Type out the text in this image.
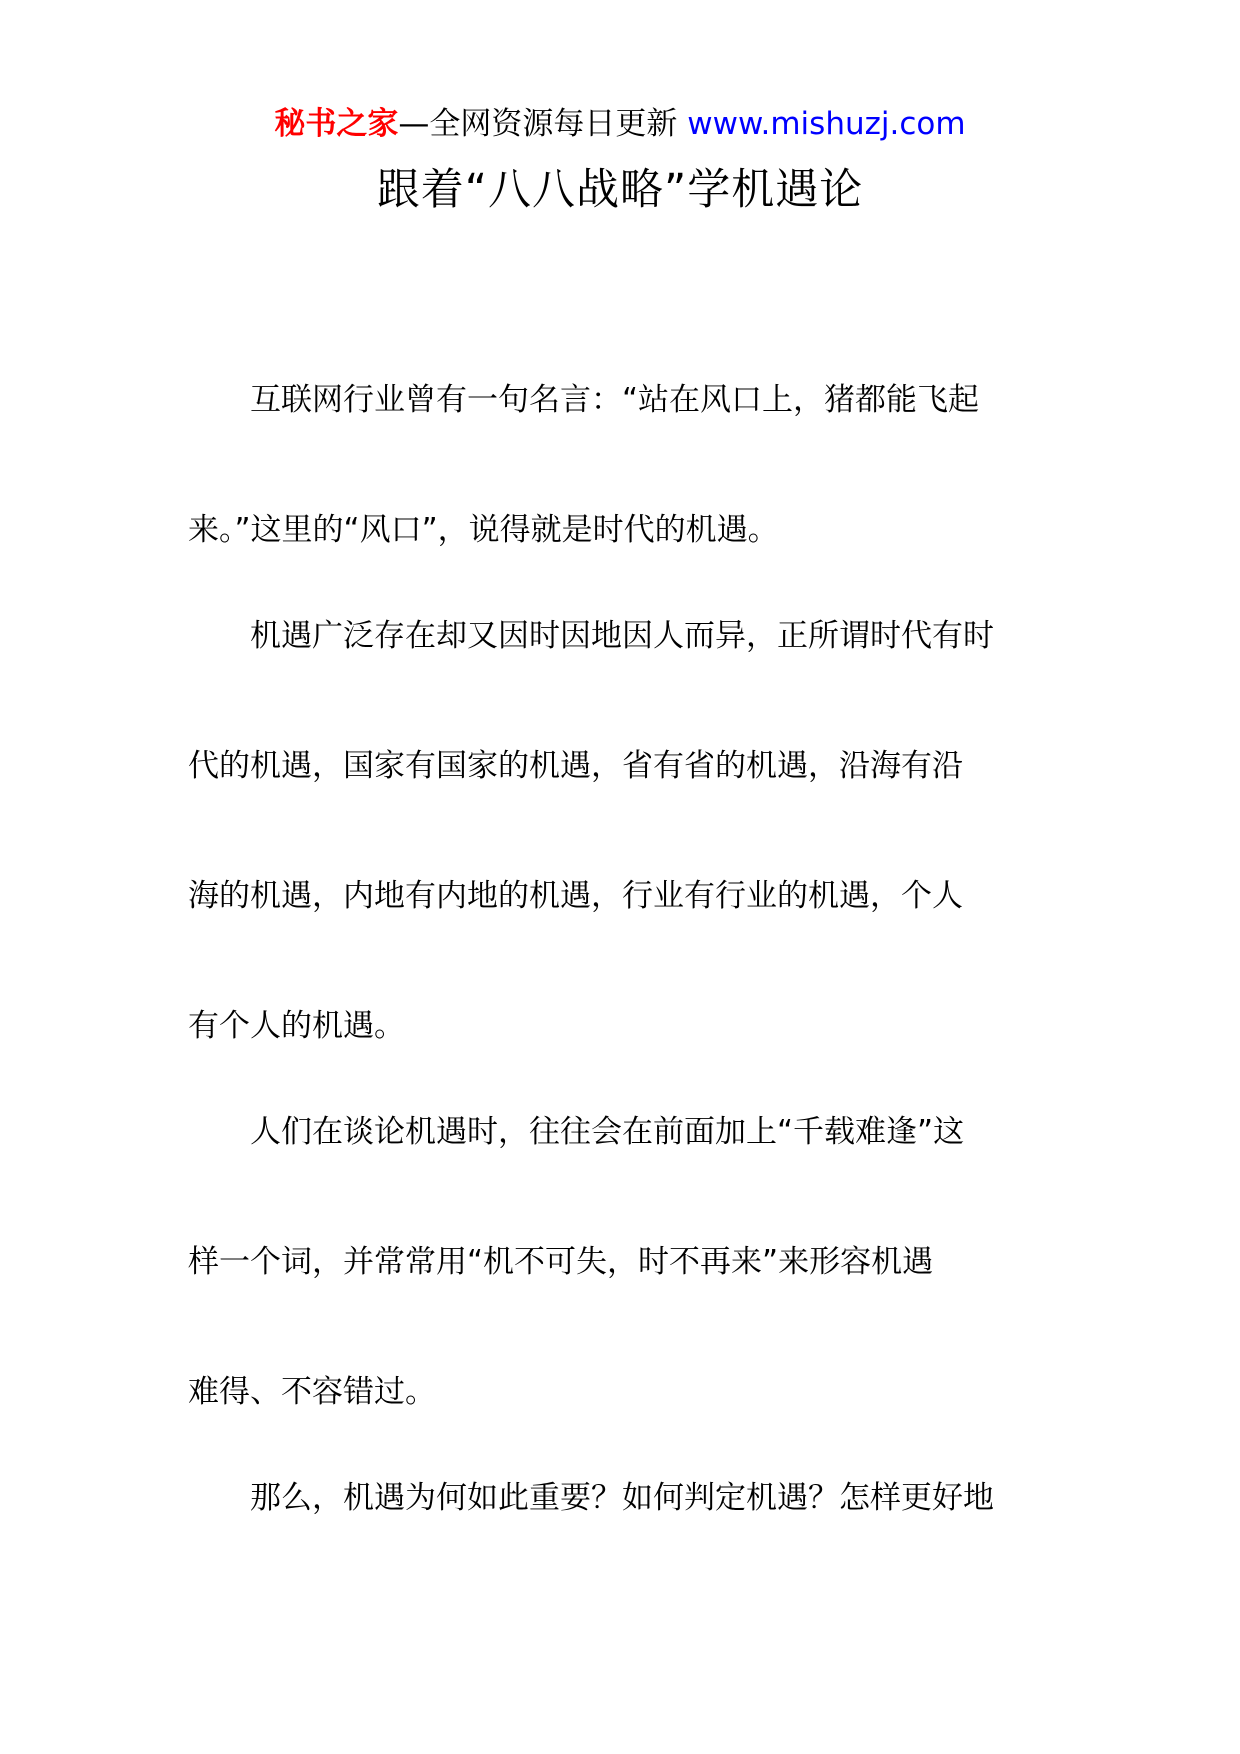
秘书之家—全网资源每日更新 www.mishuzj.com
跟着“八八战略”学机遇论
互联网行业曾有一句名言：“站在风口上，猪都能飞起
来。”这里的“风口”，说得就是时代的机遇。
机遇广泛存在却又因时因地因人而异，正所谓时代有时
代的机遇，国家有国家的机遇，省有省的机遇，沿海有沿
海的机遇，内地有内地的机遇，行业有行业的机遇，个人
有个人的机遇。
人们在谈论机遇时，往往会在前面加上“千载难逢”这
样一个词，并常常用“机不可失，时不再来”来形容机遇
难得、不容错过。
那么，机遇为何如此重要？如何判定机遇？怎样更好地
